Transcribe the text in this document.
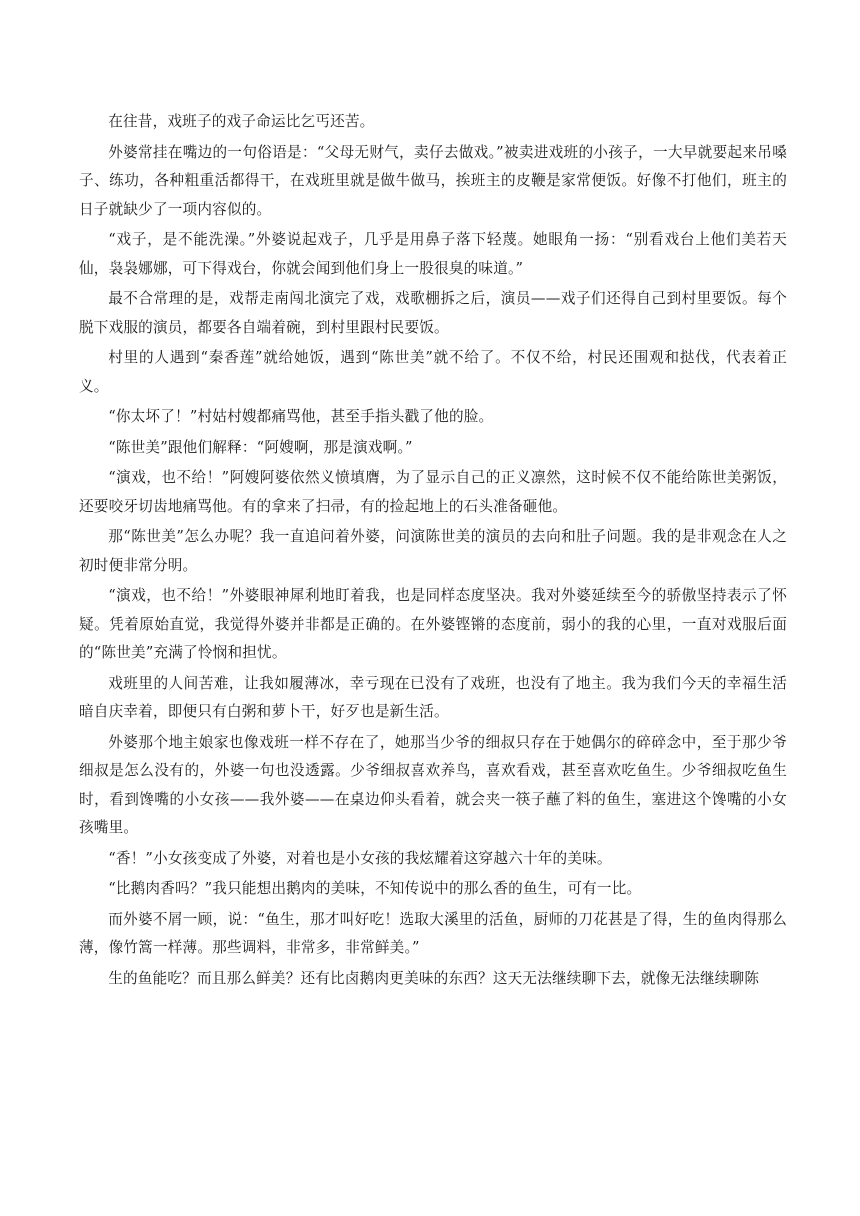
在往昔，戏班子的戏子命运比乞丐还苦。

外婆常挂在嘴边的一句俗语是：“父母无财气，卖仔去做戏。”被卖进戏班的小孩子，一大早就要起来吊嗓子、练功，各种粗重活都得干，在戏班里就是做牛做马，挨班主的皮鞭是家常便饭。好像不打他们，班主的日子就缺少了一项内容似的。

“戏子，是不能洗澡。”外婆说起戏子，几乎是用鼻子落下轻蔑。她眼角一扬：“别看戏台上他们美若天仙，袅袅娜娜，可下得戏台，你就会闻到他们身上一股很臭的味道。”

最不合常理的是，戏帮走南闯北演完了戏，戏歌棚拆之后，演员——戏子们还得自己到村里要饭。每个脱下戏服的演员，都要各自端着碗，到村里跟村民要饭。

村里的人遇到“秦香莲”就给她饭，遇到“陈世美”就不给了。不仅不给，村民还围观和挞伐，代表着正义。

“你太坏了！”村姑村嫂都痛骂他，甚至手指头戳了他的脸。

“陈世美”跟他们解释：“阿嫂啊，那是演戏啊。”

“演戏，也不给！”阿嫂阿婆依然义愤填膺，为了显示自己的正义凛然，这时候不仅不能给陈世美粥饭，还要咬牙切齿地痛骂他。有的拿来了扫帚，有的捡起地上的石头准备砸他。

那“陈世美”怎么办呢？我一直追问着外婆，问演陈世美的演员的去向和肚子问题。我的是非观念在人之初时便非常分明。

“演戏，也不给！”外婆眼神犀利地盯着我，也是同样态度坚决。我对外婆延续至今的骄傲坚持表示了怀疑。凭着原始直觉，我觉得外婆并非都是正确的。在外婆铿锵的态度前，弱小的我的心里，一直对戏服后面的“陈世美”充满了怜悯和担忧。

戏班里的人间苦难，让我如履薄冰，幸亏现在已没有了戏班，也没有了地主。我为我们今天的幸福生活暗自庆幸着，即便只有白粥和萝卜干，好歹也是新生活。

外婆那个地主娘家也像戏班一样不存在了，她那当少爷的细叔只存在于她偶尔的碎碎念中，至于那少爷细叔是怎么没有的，外婆一句也没透露。少爷细叔喜欢养鸟，喜欢看戏，甚至喜欢吃鱼生。少爷细叔吃鱼生时，看到馋嘴的小女孩——我外婆——在桌边仰头看着，就会夹一筷子蘸了料的鱼生，塞进这个馋嘴的小女孩嘴里。

“香！”小女孩变成了外婆，对着也是小女孩的我炫耀着这穿越六十年的美味。

“比鹅肉香吗？”我只能想出鹅肉的美味，不知传说中的那么香的鱼生，可有一比。

而外婆不屑一顾，说：“鱼生，那才叫好吃！选取大溪里的活鱼，厨师的刀花甚是了得，生的鱼肉得那么薄，像竹篙一样薄。那些调料，非常多，非常鲜美。”

生的鱼能吃？而且那么鲜美？还有比卤鹅肉更美味的东西？这天无法继续聊下去，就像无法继续聊陈
